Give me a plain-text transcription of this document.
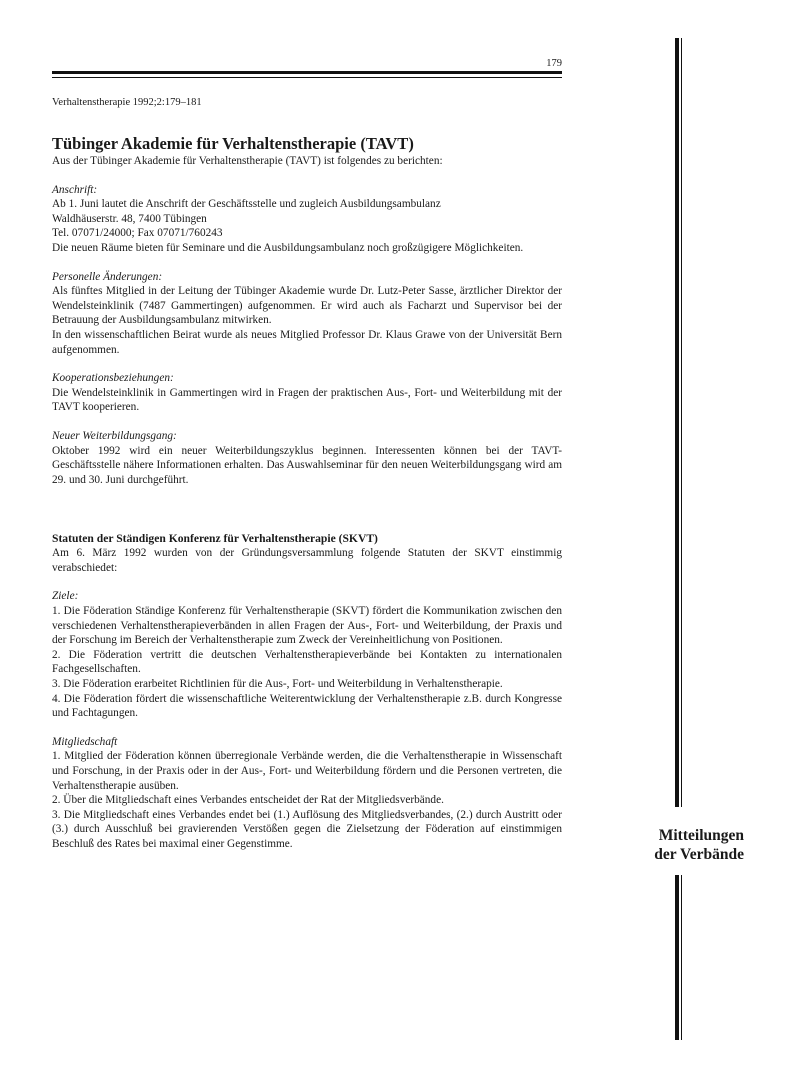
179
Verhaltenstherapie 1992;2:179–181

Tübinger Akademie für Verhaltenstherapie (TAVT)

Aus der Tübinger Akademie für Verhaltenstherapie (TAVT) ist folgendes zu berichten:

Anschrift:

Ab 1. Juni lautet die Anschrift der Geschäftsstelle und zugleich Ausbildungsambulanz

Waldhäuserstr. 48, 7400 Tübingen

Tel. 07071/24000; Fax 07071/760243

Die neuen Räume bieten für Seminare und die Ausbildungsambulanz noch großzügigere Möglichkeiten.

Personelle Änderungen:

Als fünftes Mitglied in der Leitung der Tübinger Akademie wurde Dr. Lutz-Peter Sasse, ärztlicher Direktor der Wendelsteinklinik (7487 Gammertingen) aufgenommen. Er wird auch als Facharzt und Supervisor bei der Betrauung der Ausbildungsambulanz mitwirken.

In den wissenschaftlichen Beirat wurde als neues Mitglied Professor Dr. Klaus Grawe von der Universität Bern aufgenommen.

Kooperationsbeziehungen:

Die Wendelsteinklinik in Gammertingen wird in Fragen der praktischen Aus-, Fort- und Weiterbildung mit der TAVT kooperieren.

Neuer Weiterbildungsgang:

Oktober 1992 wird ein neuer Weiterbildungszyklus beginnen. Interessenten können bei der TAVT-Geschäftsstelle nähere Informationen erhalten. Das Auswahlseminar für den neuen Weiterbildungsgang wird am 29. und 30. Juni durchgeführt.

Statuten der Ständigen Konferenz für Verhaltenstherapie (SKVT)

Am 6. März 1992 wurden von der Gründungsversammlung folgende Statuten der SKVT einstimmig verabschiedet:

Ziele:

1. Die Föderation Ständige Konferenz für Verhaltenstherapie (SKVT) fördert die Kommunikation zwischen den verschiedenen Verhaltenstherapieverbänden in allen Fragen der Aus-, Fort- und Weiterbildung, der Praxis und der Forschung im Bereich der Verhaltenstherapie zum Zweck der Vereinheitlichung von Positionen.

2. Die Föderation vertritt die deutschen Verhaltenstherapieverbände bei Kontakten zu internationalen Fachgesellschaften.

3. Die Föderation erarbeitet Richtlinien für die Aus-, Fort- und Weiterbildung in Verhaltenstherapie.

4. Die Föderation fördert die wissenschaftliche Weiterentwicklung der Verhaltenstherapie z.B. durch Kongresse und Fachtagungen.

Mitgliedschaft

1. Mitglied der Föderation können überregionale Verbände werden, die die Verhaltenstherapie in Wissenschaft und Forschung, in der Praxis oder in der Aus-, Fort- und Weiterbildung fördern und die Personen vertreten, die Verhaltenstherapie ausüben.

2. Über die Mitgliedschaft eines Verbandes entscheidet der Rat der Mitgliedsverbände.

3. Die Mitgliedschaft eines Verbandes endet bei (1.) Auflösung des Mitgliedsverbandes, (2.) durch Austritt oder (3.) durch Ausschluß bei gravierenden Verstößen gegen die Zielsetzung der Föderation auf einstimmigen Beschluß des Rates bei maximal einer Gegenstimme.	Mitteilungen
der Verbände
